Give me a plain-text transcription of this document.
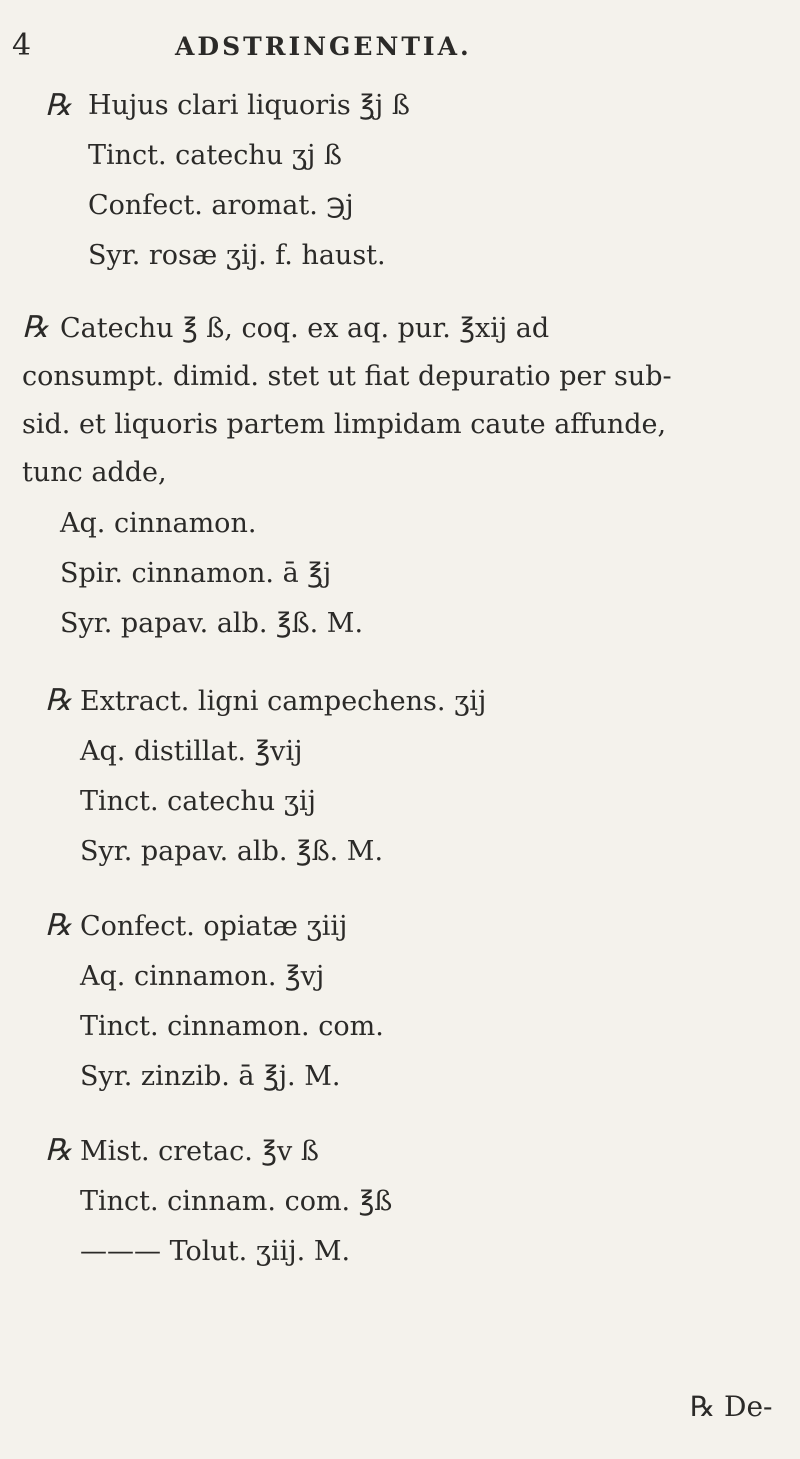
4	ADSTRINGENTIA.
℞ Hujus clari liquoris ℥j ß
Tinct. catechu ʒj ß
Confect. aromat. ℈j
Syr. rosæ ʒij. f. haust.
℞ Catechu ℥ ß, coq. ex aq. pur. ℥xij ad
consumpt. dimid. stet ut fiat depuratio per sub-
sid. et liquoris partem limpidam caute affunde,
tunc adde,
Aq. cinnamon.
Spir. cinnamon. ā ℥j
Syr. papav. alb. ℥ß. M.
℞ Extract. ligni campechens. ʒij
Aq. distillat. ℥vij
Tinct. catechu ʒij
Syr. papav. alb. ℥ß. M.
℞ Confect. opiatæ ʒiij
Aq. cinnamon. ℥vj
Tinct. cinnamon. com.
Syr. zinzib. ā ℥j. M.
℞ Mist. cretac. ℥v ß
Tinct. cinnam. com. ℥ß
——— Tolut. ʒiij. M.
℞ De-
